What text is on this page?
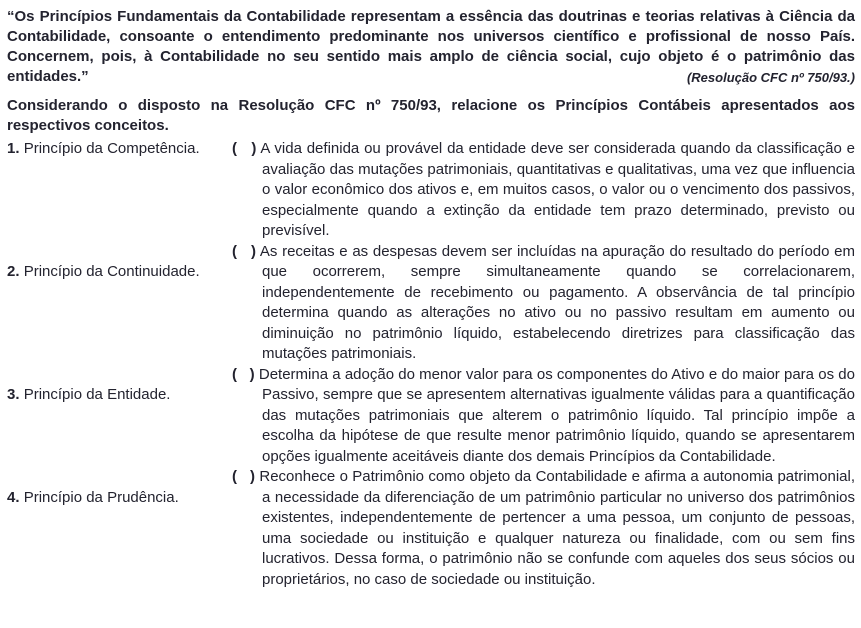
“Os Princípios Fundamentais da Contabilidade representam a essência das doutrinas e teorias relativas à Ciência da Contabilidade, consoante o entendimento predominante nos universos científico e profissional de nosso País. Concernem, pois, à Contabilidade no seu sentido mais amplo de ciência social, cujo objeto é o patrimônio das entidades.”	(Resolução CFC nº 750/93.)

Considerando o disposto na Resolução CFC nº 750/93, relacione os Princípios Contábeis apresentados aos respectivos conceitos.

1. Princípio da Competência.	(   ) A vida definida ou provável da entidade deve ser considerada quando da classificação e avaliação das mutações patrimoniais, quantitativas e qualitativas, uma vez que influencia o valor econômico dos ativos e, em muitos casos, o valor ou o vencimento dos passivos, especialmente quando a extinção da entidade tem prazo determinado, previsto ou previsível.

2. Princípio da Continuidade.

(   ) As receitas e as despesas devem ser incluídas na apuração do resultado do período em que ocorrerem, sempre simultaneamente quando se correlacionarem, independentemente de recebimento ou pagamento. A observância de tal princípio determina quando as alterações no ativo ou no passivo resultam em aumento ou diminuição no patrimônio líquido, estabelecendo diretrizes para classificação das mutações patrimoniais.

3. Princípio da Entidade.

(   ) Determina a adoção do menor valor para os componentes do Ativo e do maior para os do Passivo, sempre que se apresentem alternativas igualmente válidas para a quantificação das mutações patrimoniais que alterem o patrimônio líquido. Tal princípio impõe a escolha da hipótese de que resulte menor patrimônio líquido, quando se apresentarem opções igualmente aceitáveis diante dos demais Princípios da Contabilidade.

4. Princípio da Prudência.

(   ) Reconhece o Patrimônio como objeto da Contabilidade e afirma a autonomia patrimonial, a necessidade da diferenciação de um patrimônio particular no universo dos patrimônios existentes, independentemente de pertencer a uma pessoa, um conjunto de pessoas, uma sociedade ou instituição e qualquer natureza ou finalidade, com ou sem fins lucrativos. Dessa forma, o patrimônio não se confunde com aqueles dos seus sócios ou proprietários, no caso de sociedade ou instituição.
